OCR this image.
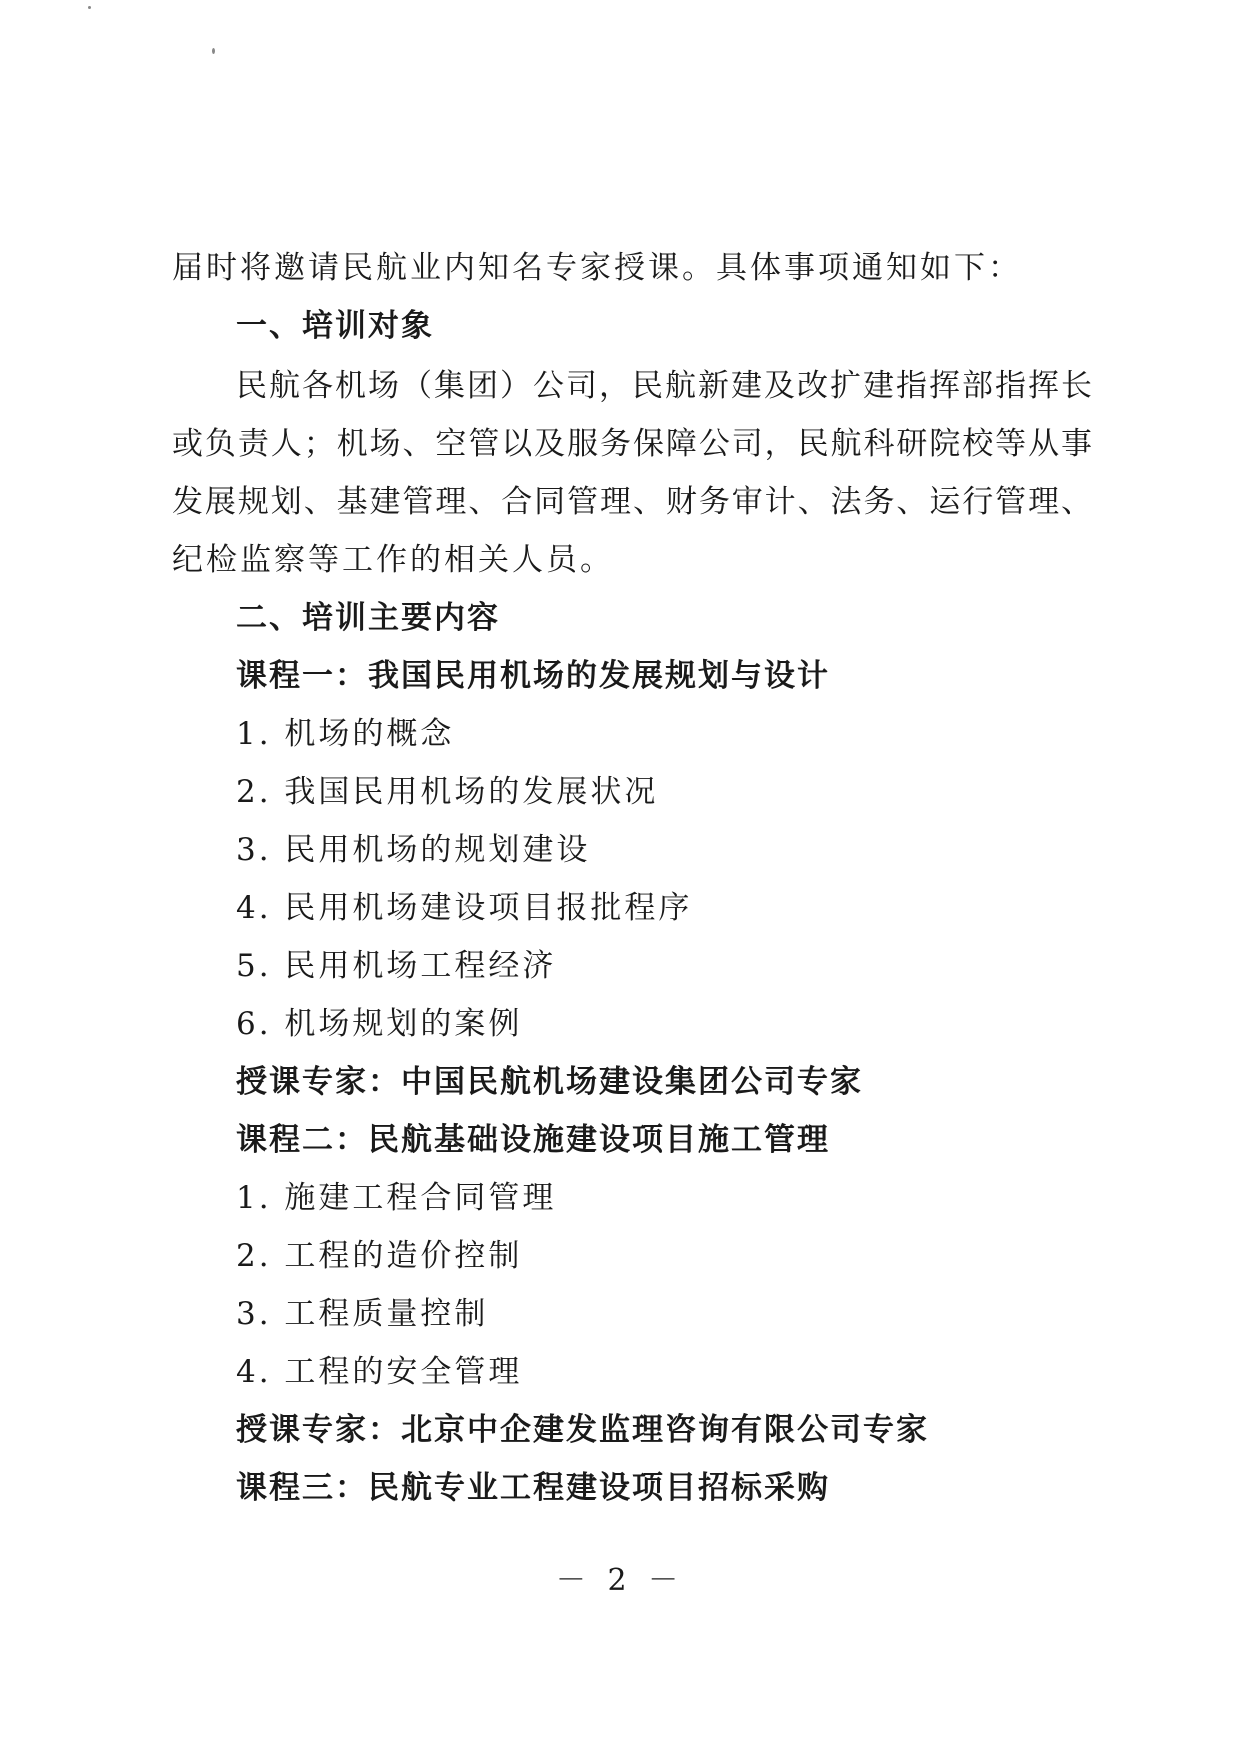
届时将邀请民航业内知名专家授课。具体事项通知如下：
一、培训对象
民航各机场（集团）公司，民航新建及改扩建指挥部指挥长
或负责人；机场、空管以及服务保障公司，民航科研院校等从事
发展规划、基建管理、合同管理、财务审计、法务、运行管理、
纪检监察等工作的相关人员。
二、培训主要内容
课程一：我国民用机场的发展规划与设计
1. 机场的概念
2. 我国民用机场的发展状况
3. 民用机场的规划建设
4. 民用机场建设项目报批程序
5. 民用机场工程经济
6. 机场规划的案例
授课专家：中国民航机场建设集团公司专家
课程二：民航基础设施建设项目施工管理
1. 施建工程合同管理
2. 工程的造价控制
3. 工程质量控制
4. 工程的安全管理
授课专家：北京中企建发监理咨询有限公司专家
课程三：民航专业工程建设项目招标采购
－ 2 －
